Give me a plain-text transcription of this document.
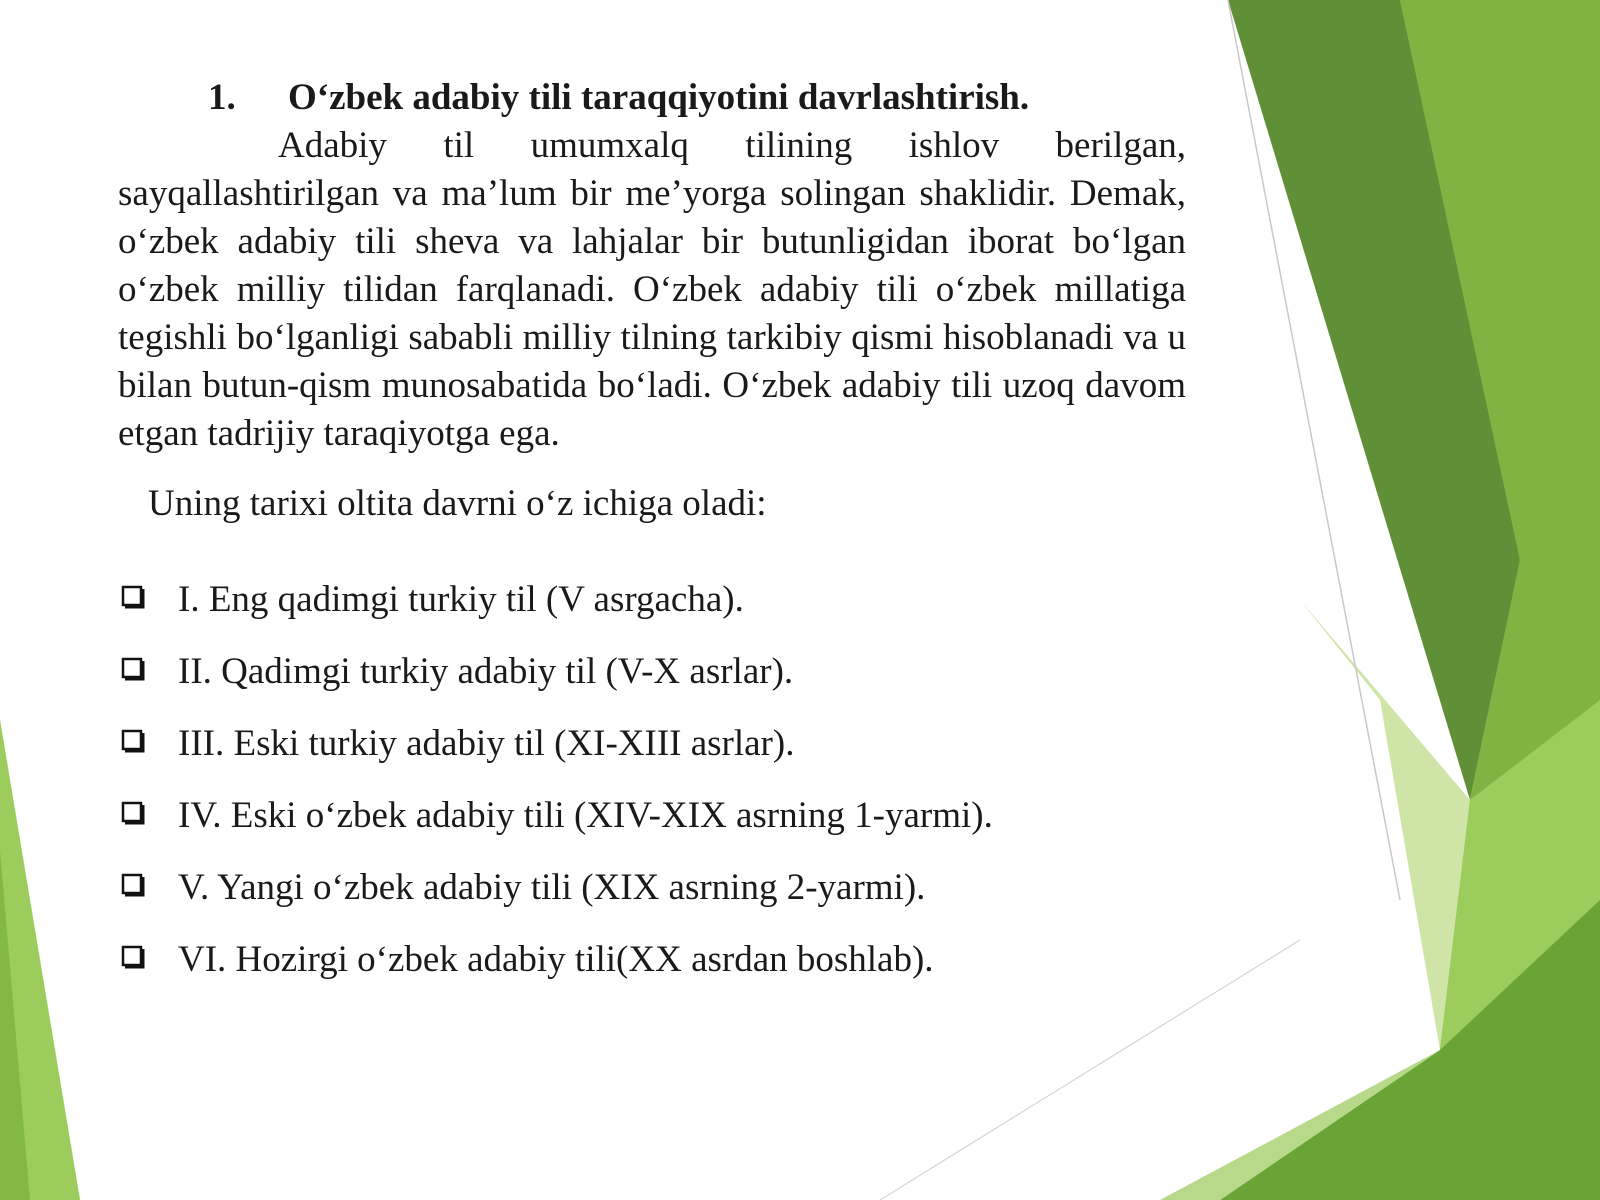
1. O‘zbek adabiy tili taraqqiyotini davrlashtirish.

Adabiy til umumxalq tilining ishlov berilgan, sayqallashtirilgan va ma’lum bir me’yorga solingan shaklidir. Demak, o‘zbek adabiy tili sheva va lahjalar bir butunligidan iborat bo‘lgan o‘zbek milliy tilidan farqlanadi. O‘zbek adabiy tili o‘zbek millatiga tegishli bo‘lganligi sababli milliy tilning tarkibiy qismi hisoblanadi va u bilan butun-qism munosabatida bo‘ladi. O‘zbek adabiy tili uzoq davom etgan tadrijiy taraqiyotga ega.

Uning tarixi oltita davrni o‘z ichiga oladi:

I. Eng qadimgi turkiy til (V asrgacha).
II. Qadimgi turkiy adabiy til (V-X asrlar).
III. Eski turkiy adabiy til (XI-XIII asrlar).
IV. Eski o‘zbek adabiy tili (XIV-XIX asrning 1-yarmi).
V. Yangi o‘zbek adabiy tili (XIX asrning 2-yarmi).
VI. Hozirgi o‘zbek adabiy tili(XX asrdan boshlab).
